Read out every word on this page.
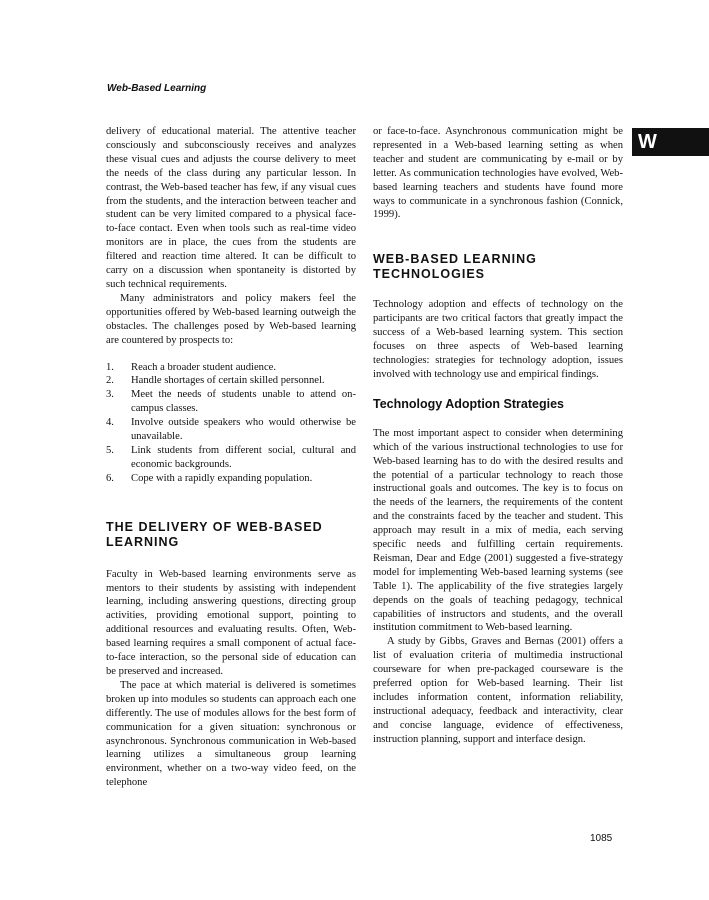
Web-Based Learning
W

delivery of educational material. The attentive teacher consciously and subconsciously receives and analyzes these visual cues and adjusts the course delivery to meet the needs of the class during any particular lesson. In contrast, the Web-based teacher has few, if any visual cues from the students, and the interaction between teacher and student can be very limited compared to a physical face-to-face contact. Even when tools such as real-time video monitors are in place, the cues from the students are filtered and reaction time altered. It can be difficult to carry on a discussion when spontaneity is distorted by such technical requirements.

Many administrators and policy makers feel the opportunities offered by Web-based learning outweigh the obstacles. The challenges posed by Web-based learning are countered by prospects to:

1. Reach a broader student audience.
2. Handle shortages of certain skilled personnel.
3. Meet the needs of students unable to attend on-campus classes.
4. Involve outside speakers who would otherwise be unavailable.
5. Link students from different social, cultural and economic backgrounds.
6. Cope with a rapidly expanding population.
THE DELIVERY OF WEB-BASED LEARNING

Faculty in Web-based learning environments serve as mentors to their students by assisting with independent learning, including answering questions, directing group activities, providing emotional support, pointing to additional resources and evaluating results. Often, Web-based learning requires a small component of actual face-to-face interaction, so the personal side of education can be preserved and increased.

The pace at which material is delivered is sometimes broken up into modules so students can approach each one differently. The use of modules allows for the best form of communication for a given situation: synchronous or asynchronous. Synchronous communication in Web-based learning utilizes a simultaneous group learning environment, whether on a two-way video feed, on the telephone

or face-to-face. Asynchronous communication might be represented in a Web-based learning setting as when teacher and student are communicating by e-mail or by letter. As communication technologies have evolved, Web-based learning teachers and students have found more ways to communicate in a synchronous fashion (Connick, 1999).

WEB-BASED LEARNING TECHNOLOGIES

Technology adoption and effects of technology on the participants are two critical factors that greatly impact the success of a Web-based learning system. This section focuses on three aspects of Web-based learning technologies: strategies for technology adoption, issues involved with technology use and empirical findings.

Technology Adoption Strategies

The most important aspect to consider when determining which of the various instructional technologies to use for Web-based learning has to do with the desired results and the potential of a particular technology to reach those instructional goals and outcomes. The key is to focus on the needs of the learners, the requirements of the content and the constraints faced by the teacher and student. This approach may result in a mix of media, each serving specific needs and fulfilling certain requirements. Reisman, Dear and Edge (2001) suggested a five-strategy model for implementing Web-based learning systems (see Table 1). The applicability of the five strategies largely depends on the goals of teaching pedagogy, technical capabilities of instructors and students, and the overall institution commitment to Web-based learning.

A study by Gibbs, Graves and Bernas (2001) offers a list of evaluation criteria of multimedia instructional courseware for when pre-packaged courseware is the preferred option for Web-based learning. Their list includes information content, information reliability, instructional adequacy, feedback and interactivity, clear and concise language, evidence of effectiveness, instruction planning, support and interface design.

1085
